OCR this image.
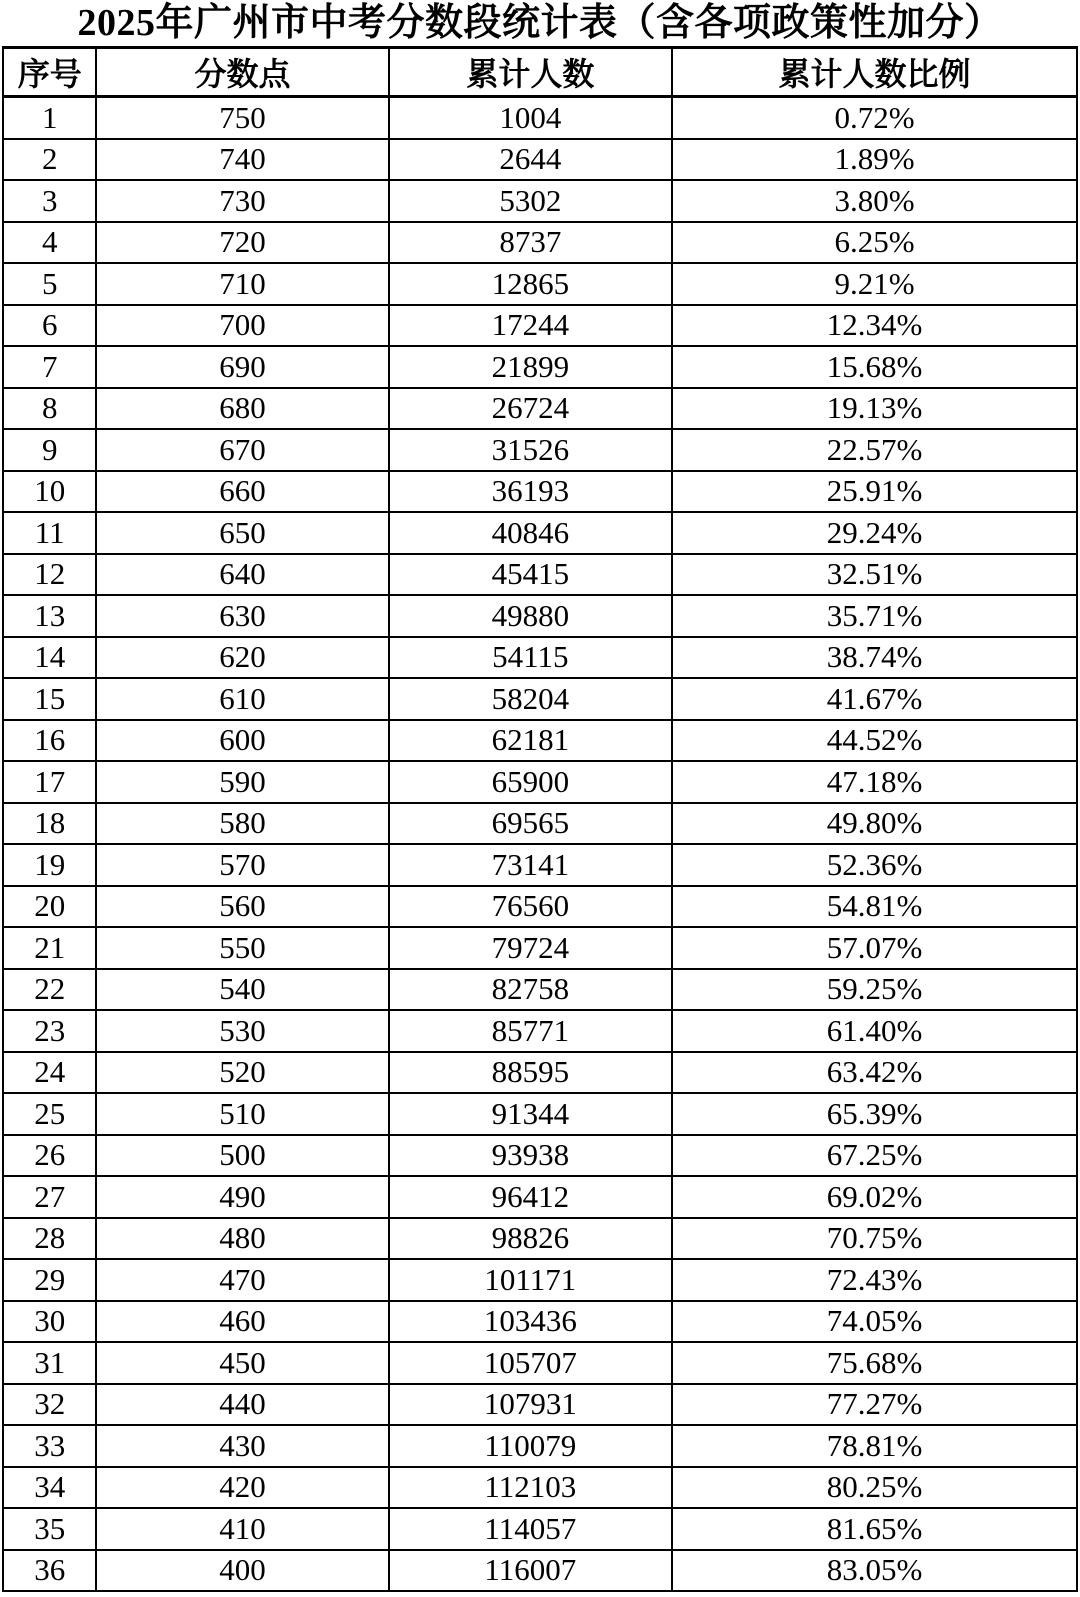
2025年广州市中考分数段统计表（含各项政策性加分）
序号	分数点	累计人数	累计人数比例
1	750	1004	0.72%
2	740	2644	1.89%
3	730	5302	3.80%
4	720	8737	6.25%
5	710	12865	9.21%
6	700	17244	12.34%
7	690	21899	15.68%
8	680	26724	19.13%
9	670	31526	22.57%
10	660	36193	25.91%
11	650	40846	29.24%
12	640	45415	32.51%
13	630	49880	35.71%
14	620	54115	38.74%
15	610	58204	41.67%
16	600	62181	44.52%
17	590	65900	47.18%
18	580	69565	49.80%
19	570	73141	52.36%
20	560	76560	54.81%
21	550	79724	57.07%
22	540	82758	59.25%
23	530	85771	61.40%
24	520	88595	63.42%
25	510	91344	65.39%
26	500	93938	67.25%
27	490	96412	69.02%
28	480	98826	70.75%
29	470	101171	72.43%
30	460	103436	74.05%
31	450	105707	75.68%
32	440	107931	77.27%
33	430	110079	78.81%
34	420	112103	80.25%
35	410	114057	81.65%
36	400	116007	83.05%
